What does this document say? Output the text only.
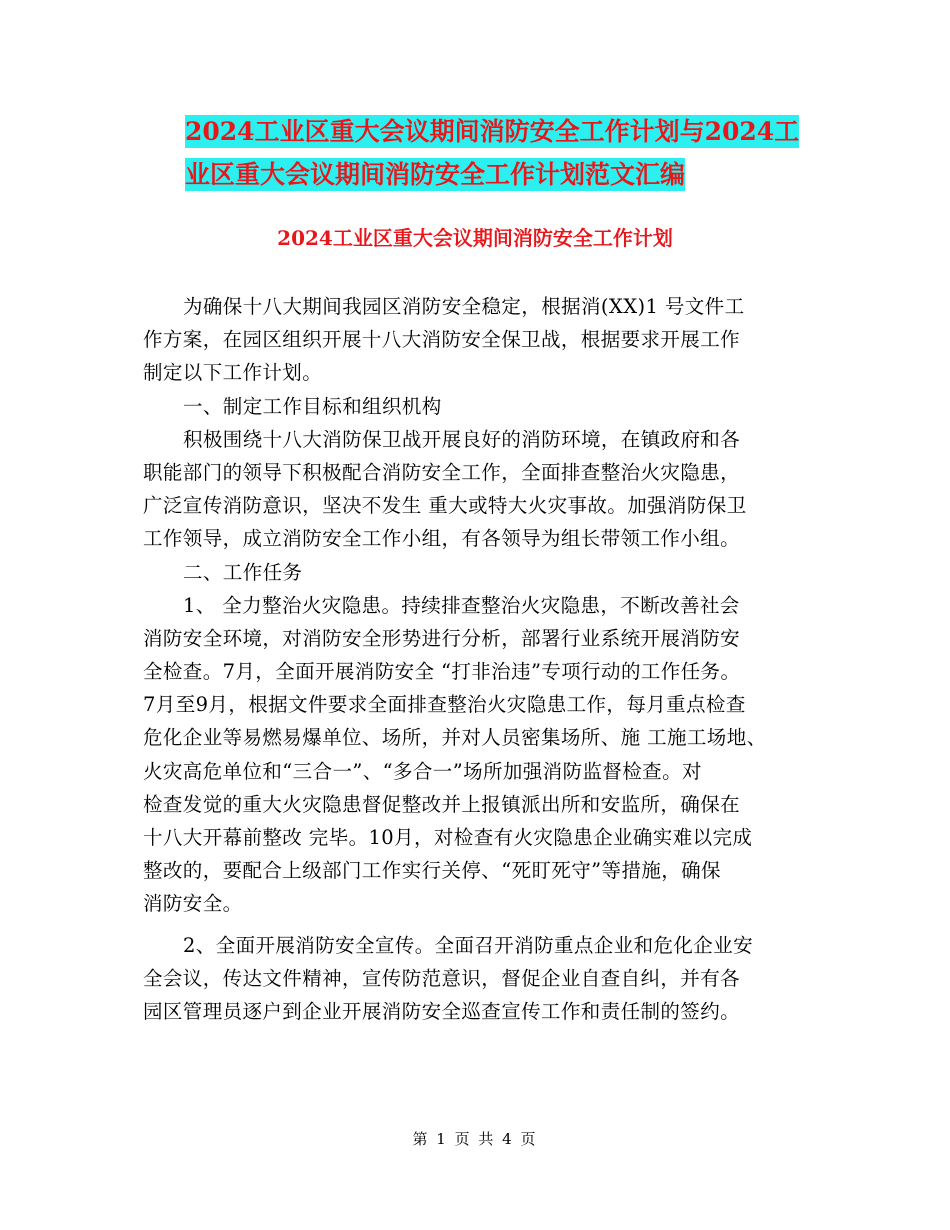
2024工业区重大会议期间消防安全工作计划与2024工
业区重大会议期间消防安全工作计划范文汇编
2024工业区重大会议期间消防安全工作计划
为确保十八大期间我园区消防安全稳定，根据消(XX)1 号文件工
作方案，在园区组织开展十八大消防安全保卫战，根据要求开展工作
制定以下工作计划。
一、制定工作目标和组织机构
积极围绕十八大消防保卫战开展良好的消防环境，在镇政府和各
职能部门的领导下积极配合消防安全工作，全面排查整治火灾隐患，
广泛宣传消防意识，坚决不发生 重大或特大火灾事故。加强消防保卫
工作领导，成立消防安全工作小组，有各领导为组长带领工作小组。
二、工作任务
1、 全力整治火灾隐患。持续排查整治火灾隐患，不断改善社会
消防安全环境，对消防安全形势进行分析，部署行业系统开展消防安
全检查。7月，全面开展消防安全 “打非治违”专项行动的工作任务。
7月至9月，根据文件要求全面排查整治火灾隐患工作，每月重点检查
危化企业等易燃易爆单位、场所，并对人员密集场所、施 工施工场地、
火灾高危单位和“三合一”、“多合一”场所加强消防监督检查。对
检查发觉的重大火灾隐患督促整改并上报镇派出所和安监所，确保在
十八大开幕前整改 完毕。10月，对检查有火灾隐患企业确实难以完成
整改的，要配合上级部门工作实行关停、“死盯死守”等措施，确保
消防安全。
2、全面开展消防安全宣传。全面召开消防重点企业和危化企业安
全会议，传达文件精神，宣传防范意识，督促企业自查自纠，并有各
园区管理员逐户到企业开展消防安全巡查宣传工作和责任制的签约。
第 1 页 共 4 页
